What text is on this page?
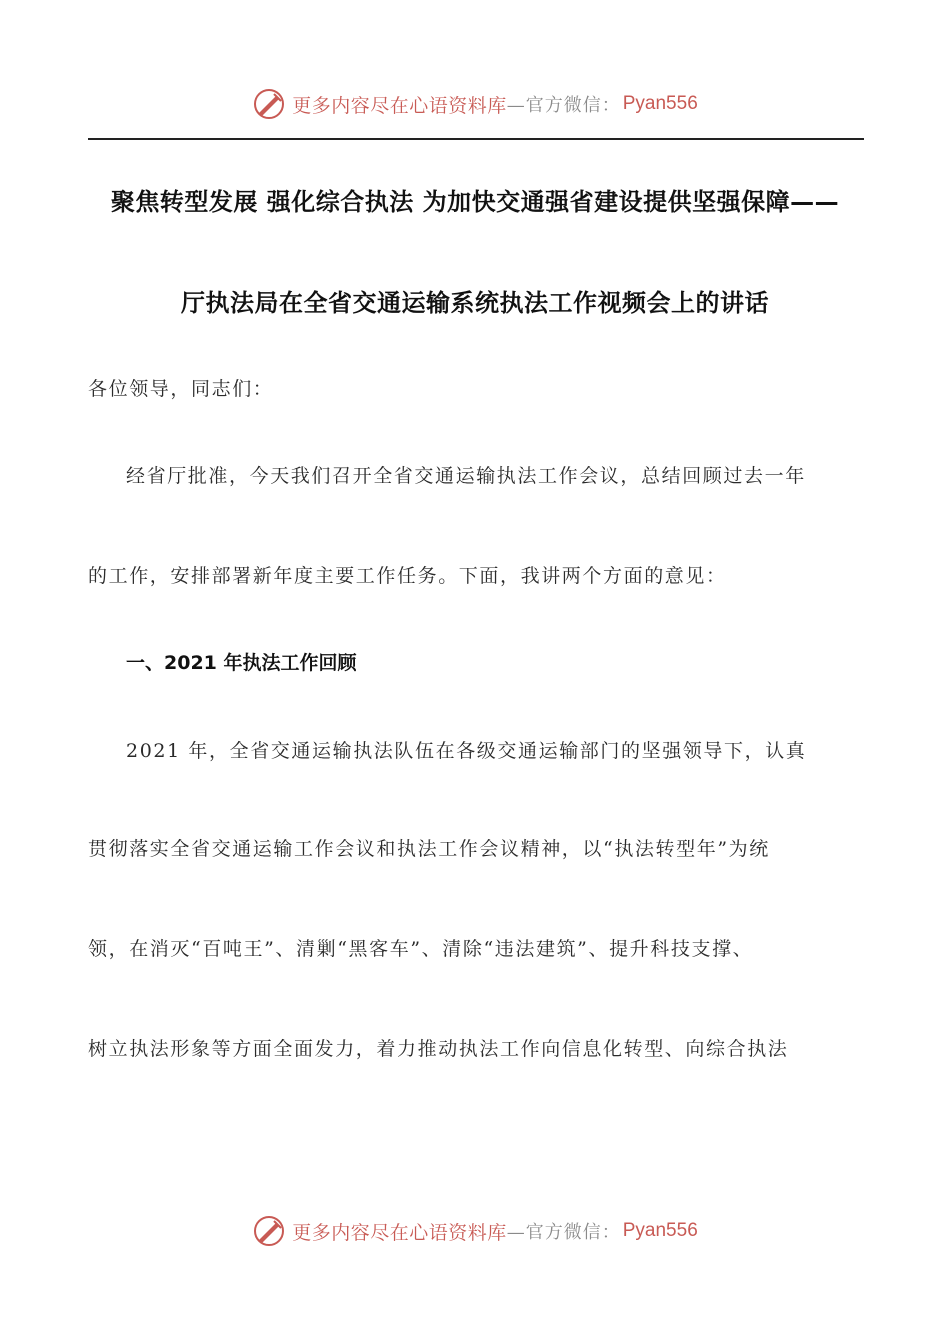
更多内容尽在心语资料库 —官方微信： Pyan556
聚焦转型发展 强化综合执法 为加快交通强省建设提供坚强保障——
厅执法局在全省交通运输系统执法工作视频会上的讲话
各位领导，同志们：
经省厅批准，今天我们召开全省交通运输执法工作会议，总结回顾过去一年
的工作，安排部署新年度主要工作任务。下面，我讲两个方面的意见：
一、2021 年执法工作回顾
2021 年，全省交通运输执法队伍在各级交通运输部门的坚强领导下，认真
贯彻落实全省交通运输工作会议和执法工作会议精神，以“执法转型年”为统
领，在消灭“百吨王”、清剿“黑客车”、清除“违法建筑”、提升科技支撑、
树立执法形象等方面全面发力，着力推动执法工作向信息化转型、向综合执法
更多内容尽在心语资料库 —官方微信： Pyan556
